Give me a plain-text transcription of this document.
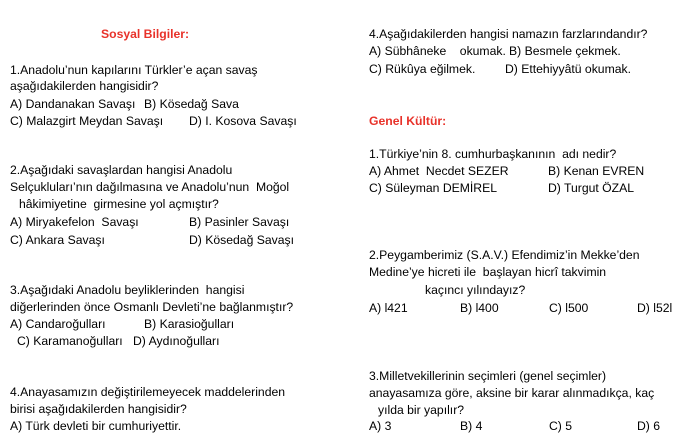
Sosyal Bilgiler:
1.Anadolu’nun kapılarını Türkler’e açan savaş
aşağıdakilerden hangisidir?
A) Dandanakan Savaşı B) Kösedağ Sava
C) Malazgirt Meydan Savaşı D) I. Kosova Savaşı
2.Aşağıdaki savaşlardan hangisi Anadolu
Selçukluları’nın dağılmasına ve Anadolu’nun  Moğol
hâkimiyetine  girmesine yol açmıştır?
A) Miryakefelon  Savaşı	B) Pasinler Savaşı
C) Ankara Savaşı	D) Kösedağ Savaşı
3.Aşağıdaki Anadolu beyliklerinden  hangisi
diğerlerinden önce Osmanlı Devleti’ne bağlanmıştır?
A) Candaroğulları	B) Karasioğulları
C) Karamanoğulları D) Aydınoğulları
4.Anayasamızın değiştirilemeyecek maddelerinden
birisi aşağıdakilerden hangisidir?
A) Türk devleti bir cumhuriyettir.
4.Aşağıdakilerden hangisi namazın farzlarındandır?
A) Sübhâneke    okumak. B) Besmele çekmek.
C) Rükûya eğilmek. D) Ettehiyyâtü okumak.
Genel Kültür:
1.Türkiye’nin 8. cumhurbaşkanının  adı nedir?
A) Ahmet  Necdet SEZER	B) Kenan EVREN
C) Süleyman DEMİREL	D) Turgut ÖZAL
2.Peygamberimiz (S.A.V.) Efendimiz’in Mekke’den
Medine’ye hicreti ile  başlayan hicrî takvimin
kaçıncı yılındayız?
A) l421	B) l400	C) l500	D) l52l
3.Milletvekillerinin seçimleri (genel seçimler)
anayasamıza göre, aksine bir karar alınmadıkça, kaç
yılda bir yapılır?
A) 3	B) 4	C) 5	D) 6
